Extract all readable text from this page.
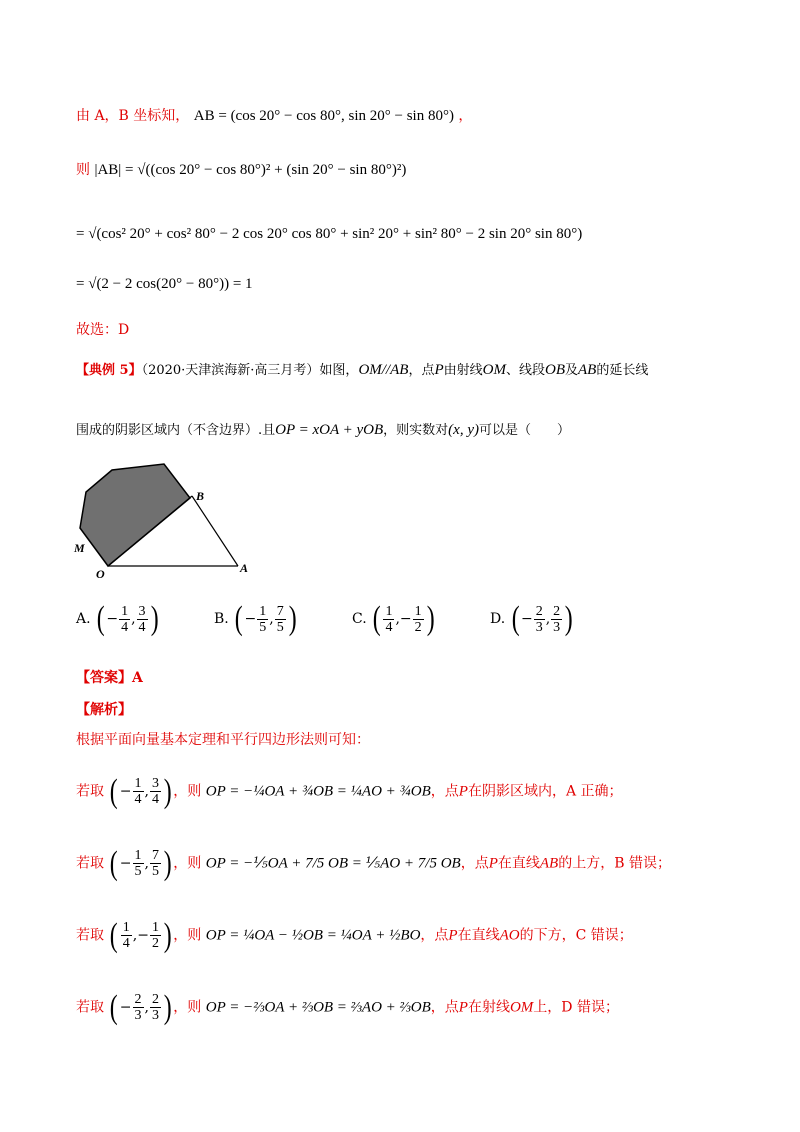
由 A，B 坐标知， AB = (cos 20° − cos 80°, sin 20° − sin 80°) ，
则 |AB| = √((cos 20° − cos 80°)² + (sin 20° − sin 80°)²)
= √(cos² 20° + cos² 80° − 2 cos 20° cos 80° + sin² 20° + sin² 80° − 2 sin 20° sin 80°)
= √(2 − 2 cos(20° − 80°)) = 1
故选：D
【典例 5】（2020·天津滨海新·高三月考）如图，OM//AB，点P由射线OM、线段OB及AB的延长线
围成的阴影区域内（不含边界）.且OP = xOA + yOB，则实数对(x, y)可以是（　　）
B
M
O	A
A. ( − $\frac{1}{4}$ , $\frac{3}{4}$ )	B. ( − $\frac{1}{5}$ , $\frac{7}{5}$ )	C. ( $\frac{1}{4}$ ,− $\frac{1}{2}$ )	D. ( − $\frac{2}{3}$ , $\frac{2}{3}$ )
【答案】A
【解析】
根据平面向量基本定理和平行四边形法则可知：
若取 ( − $\frac{1}{4}$ , $\frac{3}{4}$ ) ，则 OP = −¼OA + ¾OB = ¼AO + ¾OB，点P在阴影区域内，A 正确；
若取 ( − $\frac{1}{5}$ , $\frac{7}{5}$ ) ，则 OP = −⅕OA + 7/5 OB = ⅕AO + 7/5 OB，点P在直线AB的上方，B 错误；
若取 ( $\frac{1}{4}$ ,− $\frac{1}{2}$ ) ，则 OP = ¼OA − ½OB = ¼OA + ½BO，点P在直线AO的下方，C 错误；
若取 ( − $\frac{2}{3}$ , $\frac{2}{3}$ ) ，则 OP = −⅔OA + ⅔OB = ⅔AO + ⅔OB，点P在射线OM上，D 错误；
